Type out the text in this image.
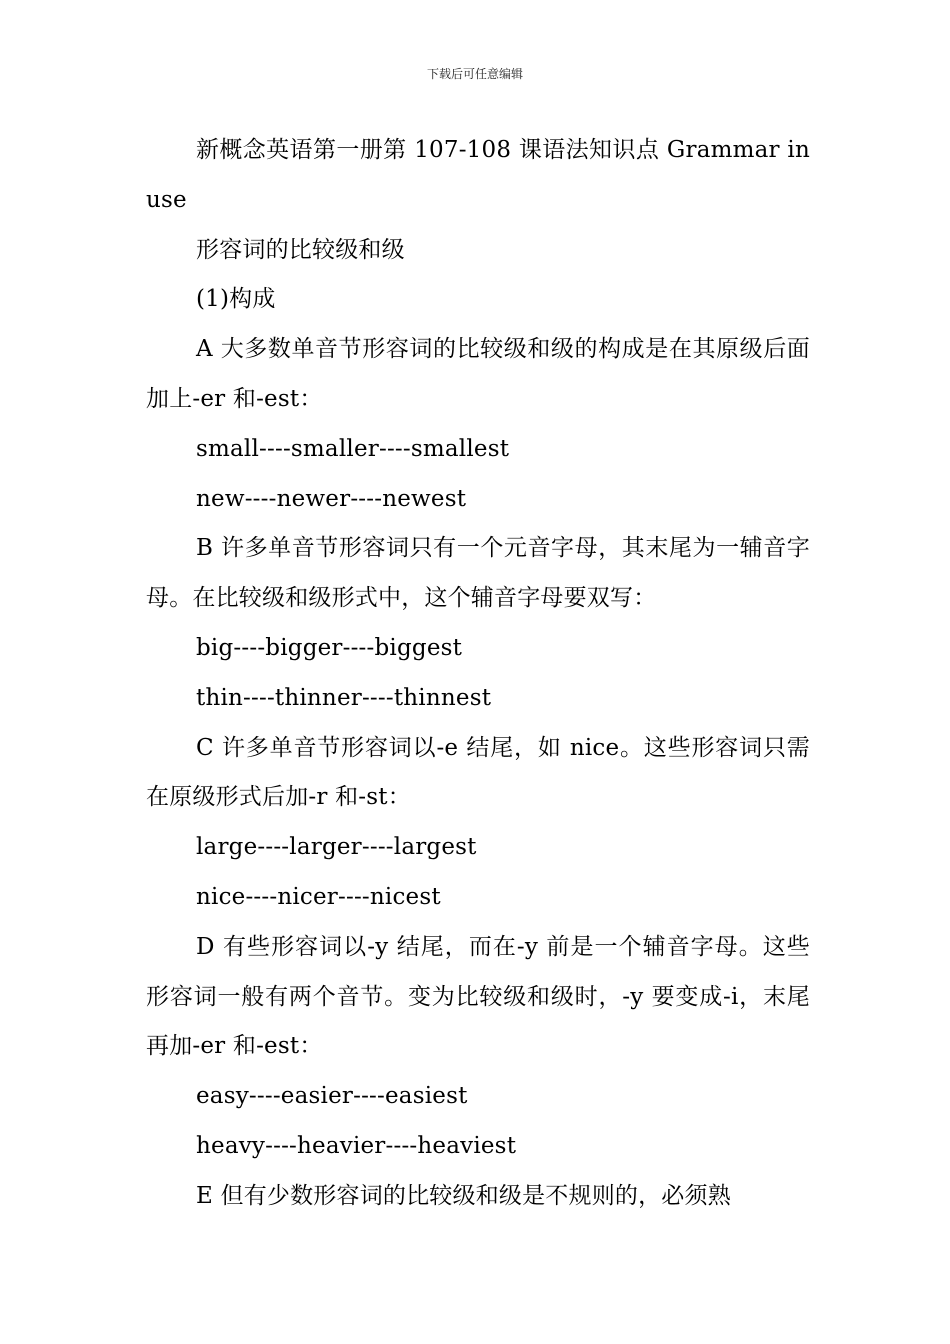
下载后可任意编辑

新概念英语第一册第 107-108 课语法知识点 Grammar in use

形容词的比较级和级

(1)构成

A 大多数单音节形容词的比较级和级的构成是在其原级后面加上-er 和-est：

small----smaller----smallest

new----newer----newest

B 许多单音节形容词只有一个元音字母，其末尾为一辅音字母。在比较级和级形式中，这个辅音字母要双写：

big----bigger----biggest

thin----thinner----thinnest

C 许多单音节形容词以-e 结尾，如 nice。这些形容词只需在原级形式后加-r 和-st：

large----larger----largest

nice----nicer----nicest

D 有些形容词以-y 结尾，而在-y 前是一个辅音字母。这些形容词一般有两个音节。变为比较级和级时，-y 要变成-i，末尾再加-er 和-est：

easy----easier----easiest

heavy----heavier----heaviest

E 但有少数形容词的比较级和级是不规则的，必须熟
